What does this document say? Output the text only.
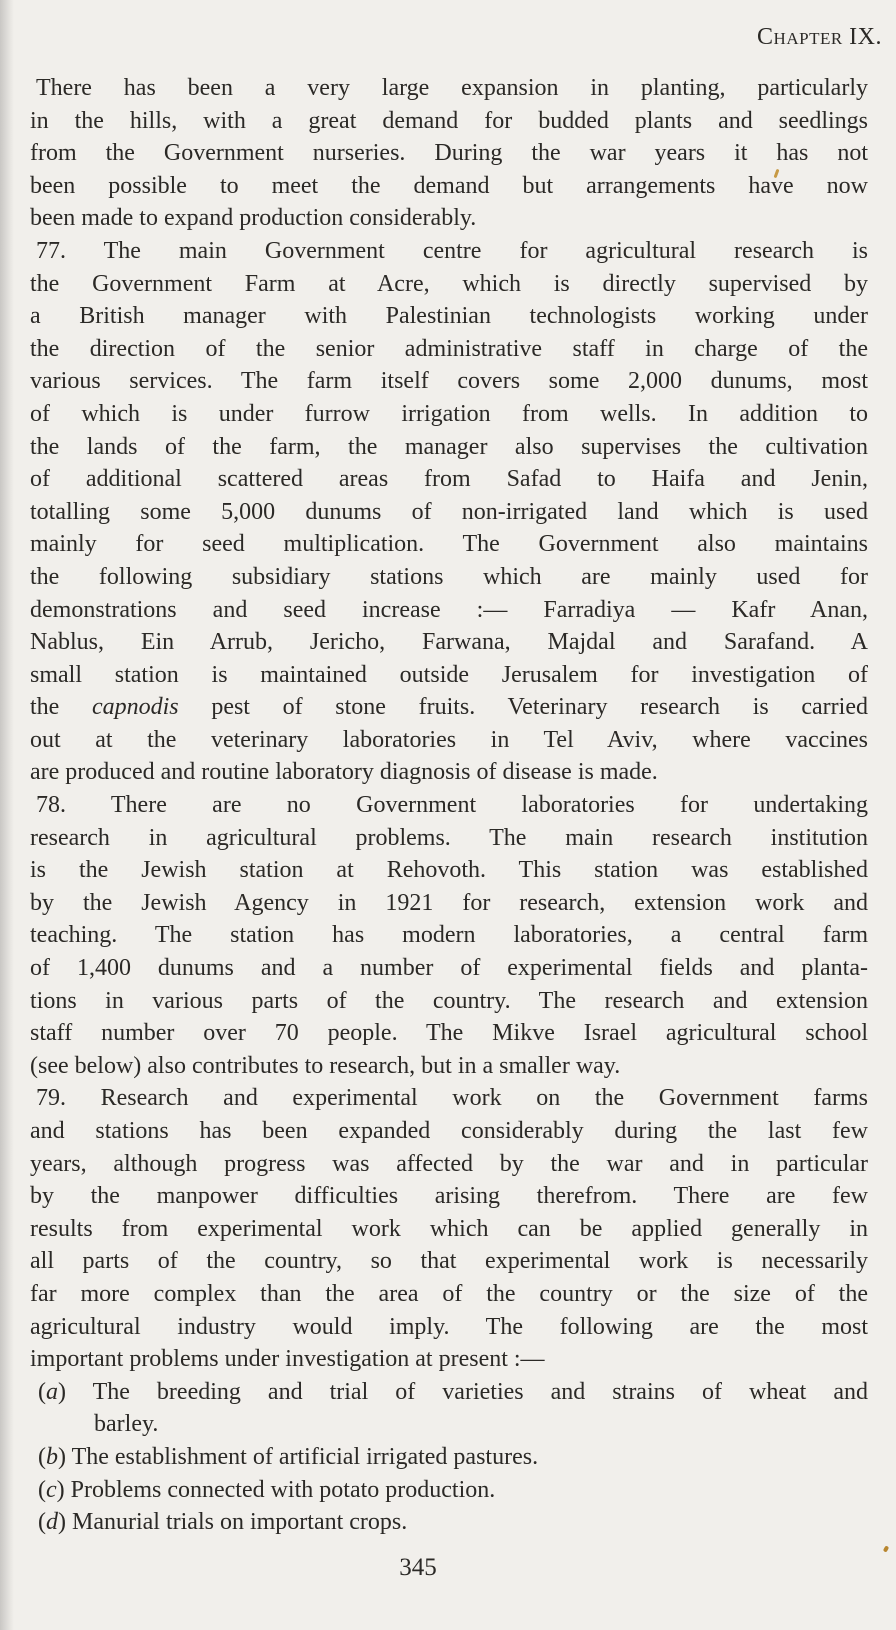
Chapter IX.
There has been a very large expansion in planting, particularly
in the hills, with a great demand for budded plants and seedlings
from the Government nurseries. During the war years it has not
been possible to meet the demand but arrangements have now
been made to expand production considerably.
77. The main Government centre for agricultural research is
the Government Farm at Acre, which is directly supervised by
a British manager with Palestinian technologists working under
the direction of the senior administrative staff in charge of the
various services. The farm itself covers some 2,000 dunums, most
of which is under furrow irrigation from wells. In addition to
the lands of the farm, the manager also supervises the cultivation
of additional scattered areas from Safad to Haifa and Jenin,
totalling some 5,000 dunums of non-irrigated land which is used
mainly for seed multiplication. The Government also maintains
the following subsidiary stations which are mainly used for
demonstrations and seed increase :— Farradiya — Kafr Anan,
Nablus, Ein Arrub, Jericho, Farwana, Majdal and Sarafand. A
small station is maintained outside Jerusalem for investigation of
the capnodis pest of stone fruits. Veterinary research is carried
out at the veterinary laboratories in Tel Aviv, where vaccines
are produced and routine laboratory diagnosis of disease is made.
78. There are no Government laboratories for undertaking
research in agricultural problems. The main research institution
is the Jewish station at Rehovoth. This station was established
by the Jewish Agency in 1921 for research, extension work and
teaching. The station has modern laboratories, a central farm
of 1,400 dunums and a number of experimental fields and planta-
tions in various parts of the country. The research and extension
staff number over 70 people. The Mikve Israel agricultural school
(see below) also contributes to research, but in a smaller way.
79. Research and experimental work on the Government farms
and stations has been expanded considerably during the last few
years, although progress was affected by the war and in particular
by the manpower difficulties arising therefrom. There are few
results from experimental work which can be applied generally in
all parts of the country, so that experimental work is necessarily
far more complex than the area of the country or the size of the
agricultural industry would imply. The following are the most
important problems under investigation at present :—
(a) The breeding and trial of varieties and strains of wheat and
barley.
(b) The establishment of artificial irrigated pastures.
(c) Problems connected with potato production.
(d) Manurial trials on important crops.
345
